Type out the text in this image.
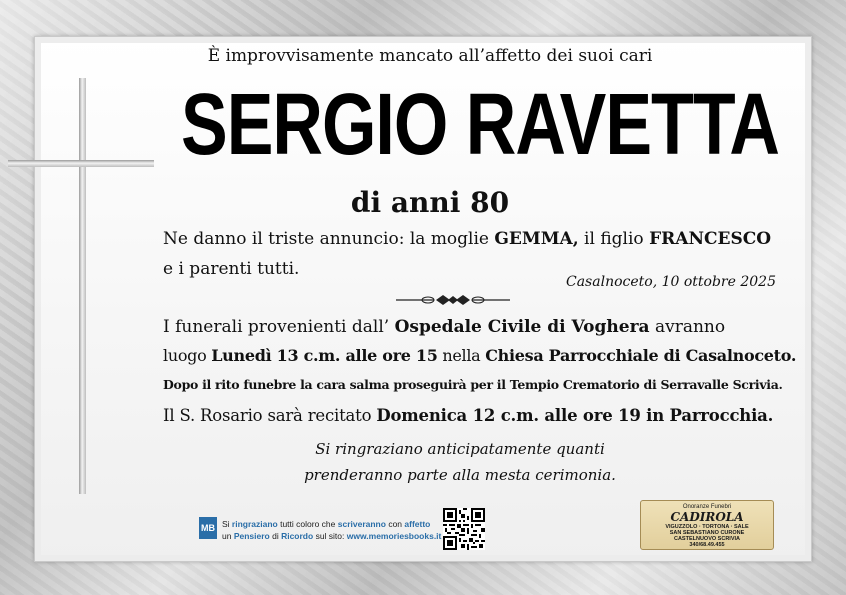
È improvvisamente mancato all’affetto dei suoi cari

SERGIO RAVETTA

di anni 80

Ne danno il triste annuncio: la moglie GEMMA, il figlio FRANCESCO

e i parenti tutti.

Casalnoceto, 10 ottobre 2025

I funerali provenienti dall’ Ospedale Civile di Voghera avranno

luogo Lunedì 13 c.m. alle ore 15 nella Chiesa Parrocchiale di Casalnoceto.

Dopo il rito funebre la cara salma proseguirà per il Tempio Crematorio di Serravalle Scrivia.

Il S. Rosario sarà recitato Domenica 12 c.m. alle ore 19 in Parrocchia.

Si ringraziano anticipatamente quanti

prenderanno parte alla mesta cerimonia.

MB Si ringraziano tutti coloro che scriveranno con affetto
un Pensiero di Ricordo sul sito: www.memoriesbooks.it
Onoranze Funebri
CADIROLA
VIGUZZOLO · TORTONA · SALE
SAN SEBASTIANO CURONE
CASTELNUOVO SCRIVIA
340/68.49.455
